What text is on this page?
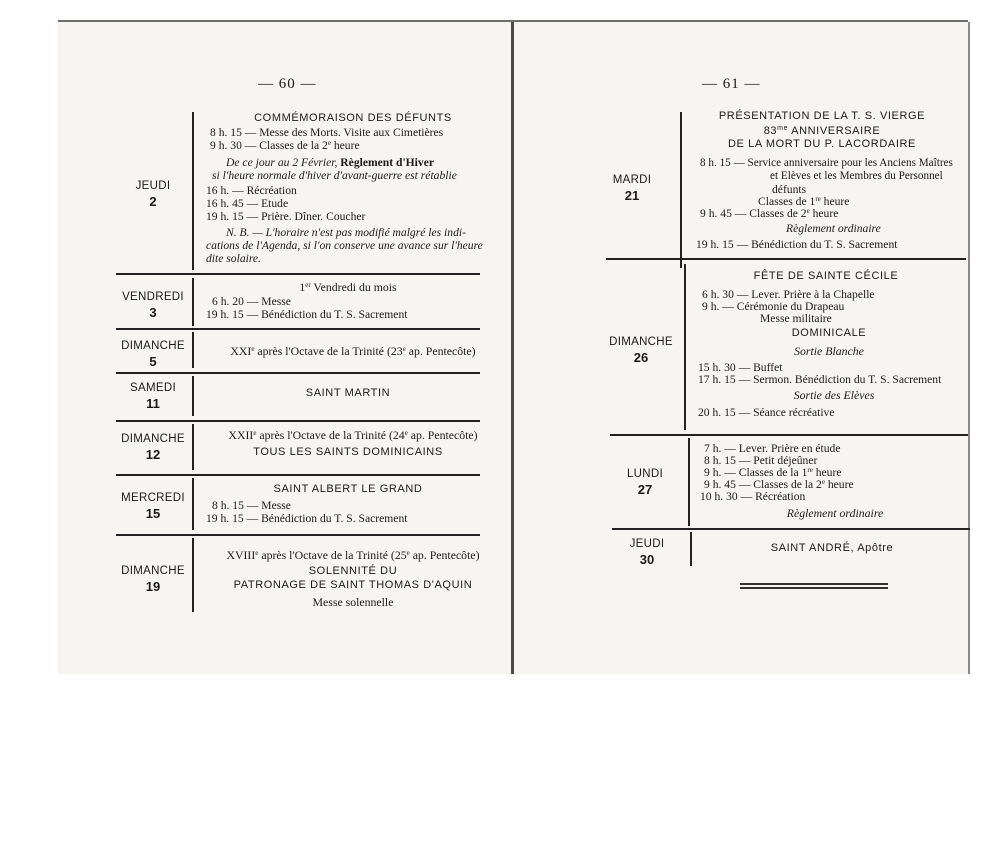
— 60 —
JEUDI
2
COMMÉMORAISON DES DÉFUNTS
8 h. 15 — Messe des Morts. Visite aux Cimetières
9 h. 30 — Classes de la 2e heure
De ce jour au 2 Février, Règlement d'Hiver
si l'heure normale d'hiver d'avant-guerre est rétablie
16 h. — Récréation
16 h. 45 — Etude
19 h. 15 — Prière. Dîner. Coucher
N. B. — L'horaire n'est pas modifié malgré les indi-
cations de l'Agenda, si l'on conserve une avance sur l'heure
dite solaire.
VENDREDI
3
1er Vendredi du mois
6 h. 20 — Messe
19 h. 15 — Bénédiction du T. S. Sacrement
DIMANCHE
5
XXIe après l'Octave de la Trinité (23e ap. Pentecôte)
SAMEDI
11
SAINT MARTIN
DIMANCHE
12
XXIIe après l'Octave de la Trinité (24e ap. Pentecôte)
TOUS LES SAINTS DOMINICAINS
MERCREDI
15
SAINT ALBERT LE GRAND
8 h. 15 — Messe
19 h. 15 — Bénédiction du T. S. Sacrement
DIMANCHE
19
XVIIIe après l'Octave de la Trinité (25e ap. Pentecôte)
SOLENNITÉ DU
PATRONAGE DE SAINT THOMAS D'AQUIN
Messe solennelle
— 61 —
MARDI
21
PRÉSENTATION DE LA T. S. VIERGE
$83^{me}$ ANNIVERSAIRE
DE LA MORT DU P. LACORDAIRE
8 h. 15 — Service anniversaire pour les Anciens Maîtres
et Elèves et les Membres du Personnel
défunts
Classes de 1re heure
9 h. 45 — Classes de 2e heure
Règlement ordinaire
19 h. 15 — Bénédiction du T. S. Sacrement
DIMANCHE
26
FÊTE DE SAINTE CÉCILE
6 h. 30 — Lever. Prière à la Chapelle
9 h. — Cérémonie du Drapeau
Messe militaire
DOMINICALE
Sortie Blanche
15 h. 30 — Buffet
17 h. 15 — Sermon. Bénédiction du T. S. Sacrement
Sortie des Elèves
20 h. 15 — Séance récréative
LUNDI
27
7 h. — Lever. Prière en étude
8 h. 15 — Petit déjeûner
9 h. — Classes de la 1re heure
9 h. 45 — Classes de la 2e heure
10 h. 30 — Récréation
Règlement ordinaire
JEUDI
30
SAINT ANDRÉ, Apôtre
